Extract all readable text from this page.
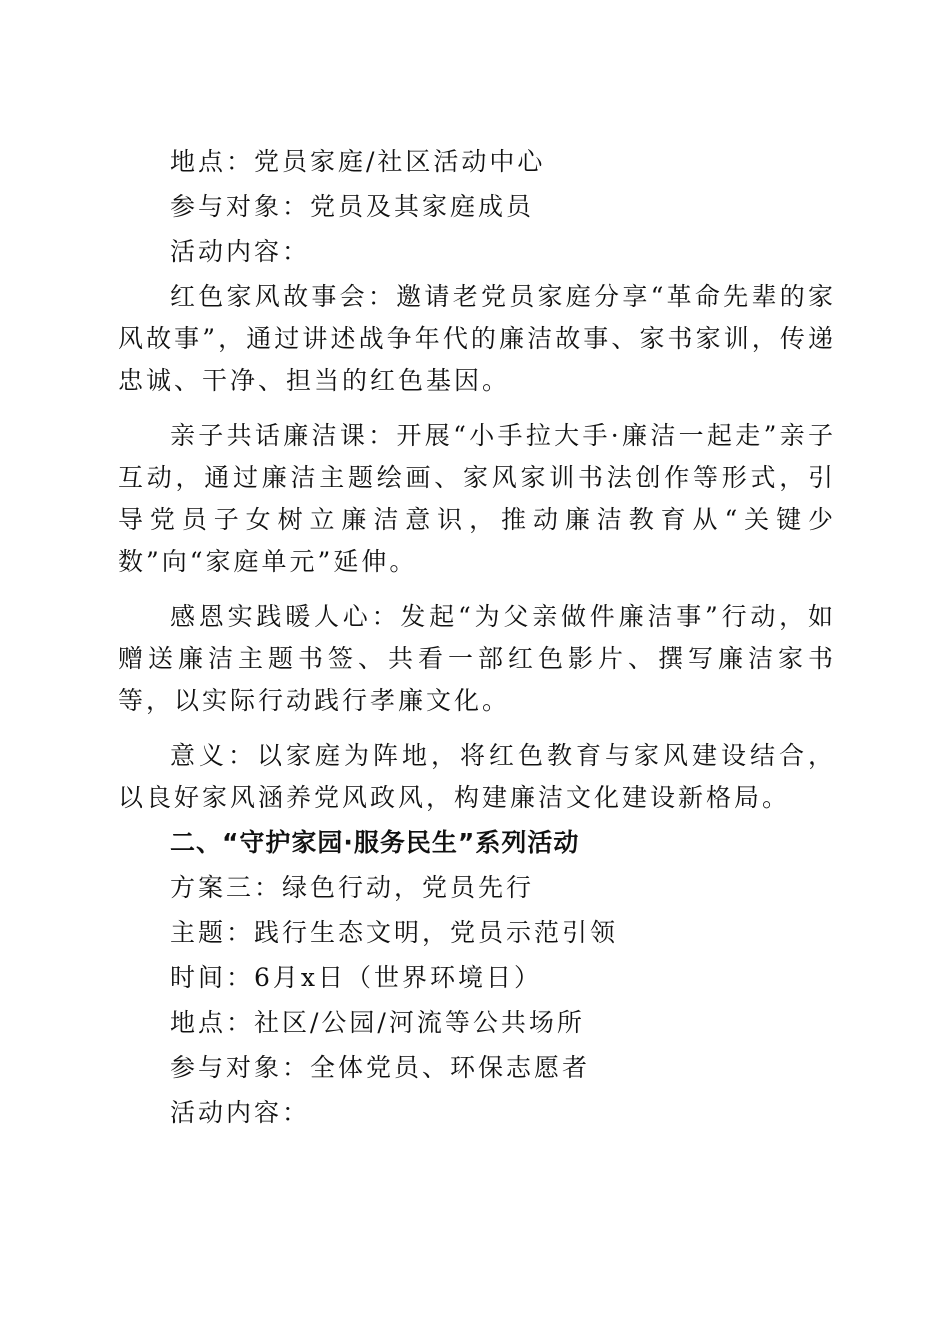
地点：党员家庭/社区活动中心

参与对象：党员及其家庭成员

活动内容：

红色家风故事会：邀请老党员家庭分享“革命先辈的家风故事”，通过讲述战争年代的廉洁故事、家书家训，传递忠诚、干净、担当的红色基因。

亲子共话廉洁课：开展“小手拉大手·廉洁一起走”亲子互动，通过廉洁主题绘画、家风家训书法创作等形式，引导党员子女树立廉洁意识，推动廉洁教育从“关键少数”向“家庭单元”延伸。

感恩实践暖人心：发起“为父亲做件廉洁事”行动，如赠送廉洁主题书签、共看一部红色影片、撰写廉洁家书等，以实际行动践行孝廉文化。

意义：以家庭为阵地，将红色教育与家风建设结合，以良好家风涵养党风政风，构建廉洁文化建设新格局。

二、“守护家园·服务民生”系列活动

方案三：绿色行动，党员先行

主题：践行生态文明，党员示范引领

时间：6月x日（世界环境日）

地点：社区/公园/河流等公共场所

参与对象：全体党员、环保志愿者

活动内容：
